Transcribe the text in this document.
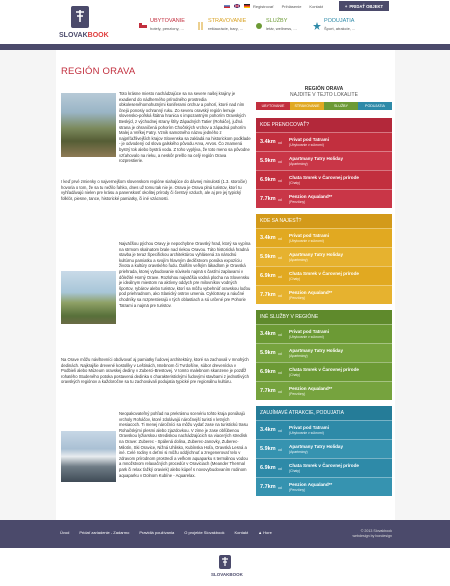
Registrovať Prihlásenie Kontakt	+ PRIDAŤ OBJEKT
SLOVAKBOOK
UBYTOVANIE
hotely, penziony, ...
STRAVOVANIE
reštaurácie, bary, ...
SLUŽBY
letár, wellness, ...
PODUJATIA
Šport, atrakcie, ...
REGIÓN ORAVA

Toto krásne miesto nachádzajúce sa na severe našej krajiny je exadiend do nádherného prírodného prostredia obkolesenéhomohutnými koniferami orchuv a pohorí, ktoré nad ním čnejú ponosiy ochranný ruku. Zo severu oravský región lemuje slovensko-poľská štátna hranica s impozantným pohorím Oravských Beskýd, z východnej strany štíty Západných Tatier (Roháče), južná strana je ohraničená pohorím Chočských vrchov a západná pohorím Malej a Veľkej Fatry. Vznik samotného názvu jedného z najpríťažlivejších krajov Slovenska sa zakladá na historickom podklade - je odvodený od slova galského pôvodu Arva, Arvos. Čo znamená bystrý tok alebo bystrá voda. Z toho vyplýva, že toto meno sa pôvodne vzťahovalo na rieku, a neskôr prešlo na celý región Orava rozprestierie.

I keď prvé zmienky o najvernejšom slovenskom regióne siahajúce do dávnej minulosti (1.3. storočie) hovoria o tom, že sa tu nežilo ľahko, dnes už tomu tak nie je. Orava je Orava plná turistov, ktorí tu vyhľadávajú nielen pre krásu a panenskosť okolitej prírody či čerstvý vzduch, ale aj pre jej typický folklór, piesne, tance, historické pamiatky, či iné vzácnosti.

Najväčšou pýchou Oravy je nepochybne Oravský hrad, ktorý sa vypína na strmom skalnatom brale nad riekou Oravou. Táto historická hradná stavba je teraz Špecifickou architektúrou vyhlásená za národnú kultúrnu pamiatku a svojím hlavným dedičstvom ponúka expozíciu života a kultúry oravského ľudu. Ďalším veľkým lákadlom je Oravská priehrada, ktorej vybudovanie súviselo najmä s časťmi zaplavami v dôležité Horný Orave. Rozlohou najväčšia vodná plocha na Slovensku je ideálnym miestom na aktívny oddych pre milovníkov vodných športov, rybárov alebo turistov, ktorí sa môžu vybehnúť oravskou loďou pod priehradnom, ako Slanický ostrov umenia. Cyklotrasy a náučné chodníky sa rozprestierajú v tých oblastiach a sú určené pre Pohorie Tatrami a najmä pre turistov.

Na Orave môžu návštevníci obdivovať aj pamiatky ľudovej architektúry, ktoré sa zachovali v mnohých dedinách. Najkrajšie drevené kostolíky v Leštinách, Istebnom či Tvrdošíne, súbor drevenícka v Podbieli alebo Múzeum oravskej dediny v Zuberci-Brestovej. V tomto malebnom skanzene je pozdĺž rohatého Studeného potoka postavená dedinka s charakteristickými ľudovými stavbami z jednotlivých oravských regiónov a každoročne sa tu zachovávali podujatia typické pre regionálnu kultúru.

Neopakovateľný pohľad na prekrásnu scenériu tohto kraja ponúkajú vrcholy Roháčov, ktoré zdolávajú náročnejší turisti v letných mesiacoch. Ti menej náročníci sa môžu vydať zase na turistickú trasu Rohačskými plesmi alebo zjazdovkou. V zime je zase obľúbenou Oravskou lyžiarskou strediskou nachádzajúcich sa viacerých stredísk na Orave: Zuberec - Spálená dolina, Zuberec-Janovky, Zuberec-Milotín, Ski Oravice, Nižná Uhlisko, Kubínska Hoľa, Oravská Lesná a iné. Celé rodiny s deťmi si môžu oddýchnuť a zregenerovať telo v zdravom prírodnom prostredí a veľkom aquaparku s termálnou vodou a množstvom relaxačných procedúr v Oraviciach (Meander Thermal park či relax ťažký oraviek) alebo kúpeľ s novovybudovaním rodinom aquaparku v Dolnom Kubíne - Aquarelax.

REGIÓN ORAVA
NAJDITE V TEJTO LOKALITE
UBYTOVANIE	STRAVOVANIE	SLUŽBY	PODUJATIA
KDE PRENOCOVAŤ?
3.4km od
Privat pod Tatrami
(Ubytovanie v súkromí)
5.9km od
Apartmany Tatry Holiday
(Apartmány)
6.9km od
Chata Smrek v Čarovnej prírode
(Chaty)
7.7km od
Penzion Aqualand**
(Penzióny)
KDE SA NAJESŤ?
3.4km od
Privat pod Tatrami
(Ubytovanie v súkromí)
5.9km od
Apartmany Tatry Holiday
(Apartmány)
6.9km od
Chata Smrek v Čarovnej prírode
(Chaty)
7.7km od
Penzion Aqualand**
(Penzióny)
INÉ SLUŽBY V REGIÓNE
3.4km od
Privat pod Tatrami
(Ubytovanie v súkromí)
5.9km od
Apartmany Tatry Holiday
(Apartmány)
6.9km od
Chata Smrek v Čarovnej prírode
(Chaty)
7.7km od
Penzion Aqualand**
(Penzióny)
ZAUJÍMAVÉ ATRAKCIE, PODUJATIA
3.4km od
Privat pod Tatrami
(Ubytovanie v súkromí)
5.9km od
Apartmany Tatry Holiday
(Apartmány)
6.9km od
Chata Smrek v Čarovnej prírode
(Chaty)
7.7km od
Penzion Aqualand**
(Penzióny)
Úvod	Pridať zariadenie - Zadarmo	Pravidlá používania	O projekte Slovakbook	Kontakt	▲ Hore	© 2013 Slovakbook
webdesign by bondesign
SLOVAKBOOK
